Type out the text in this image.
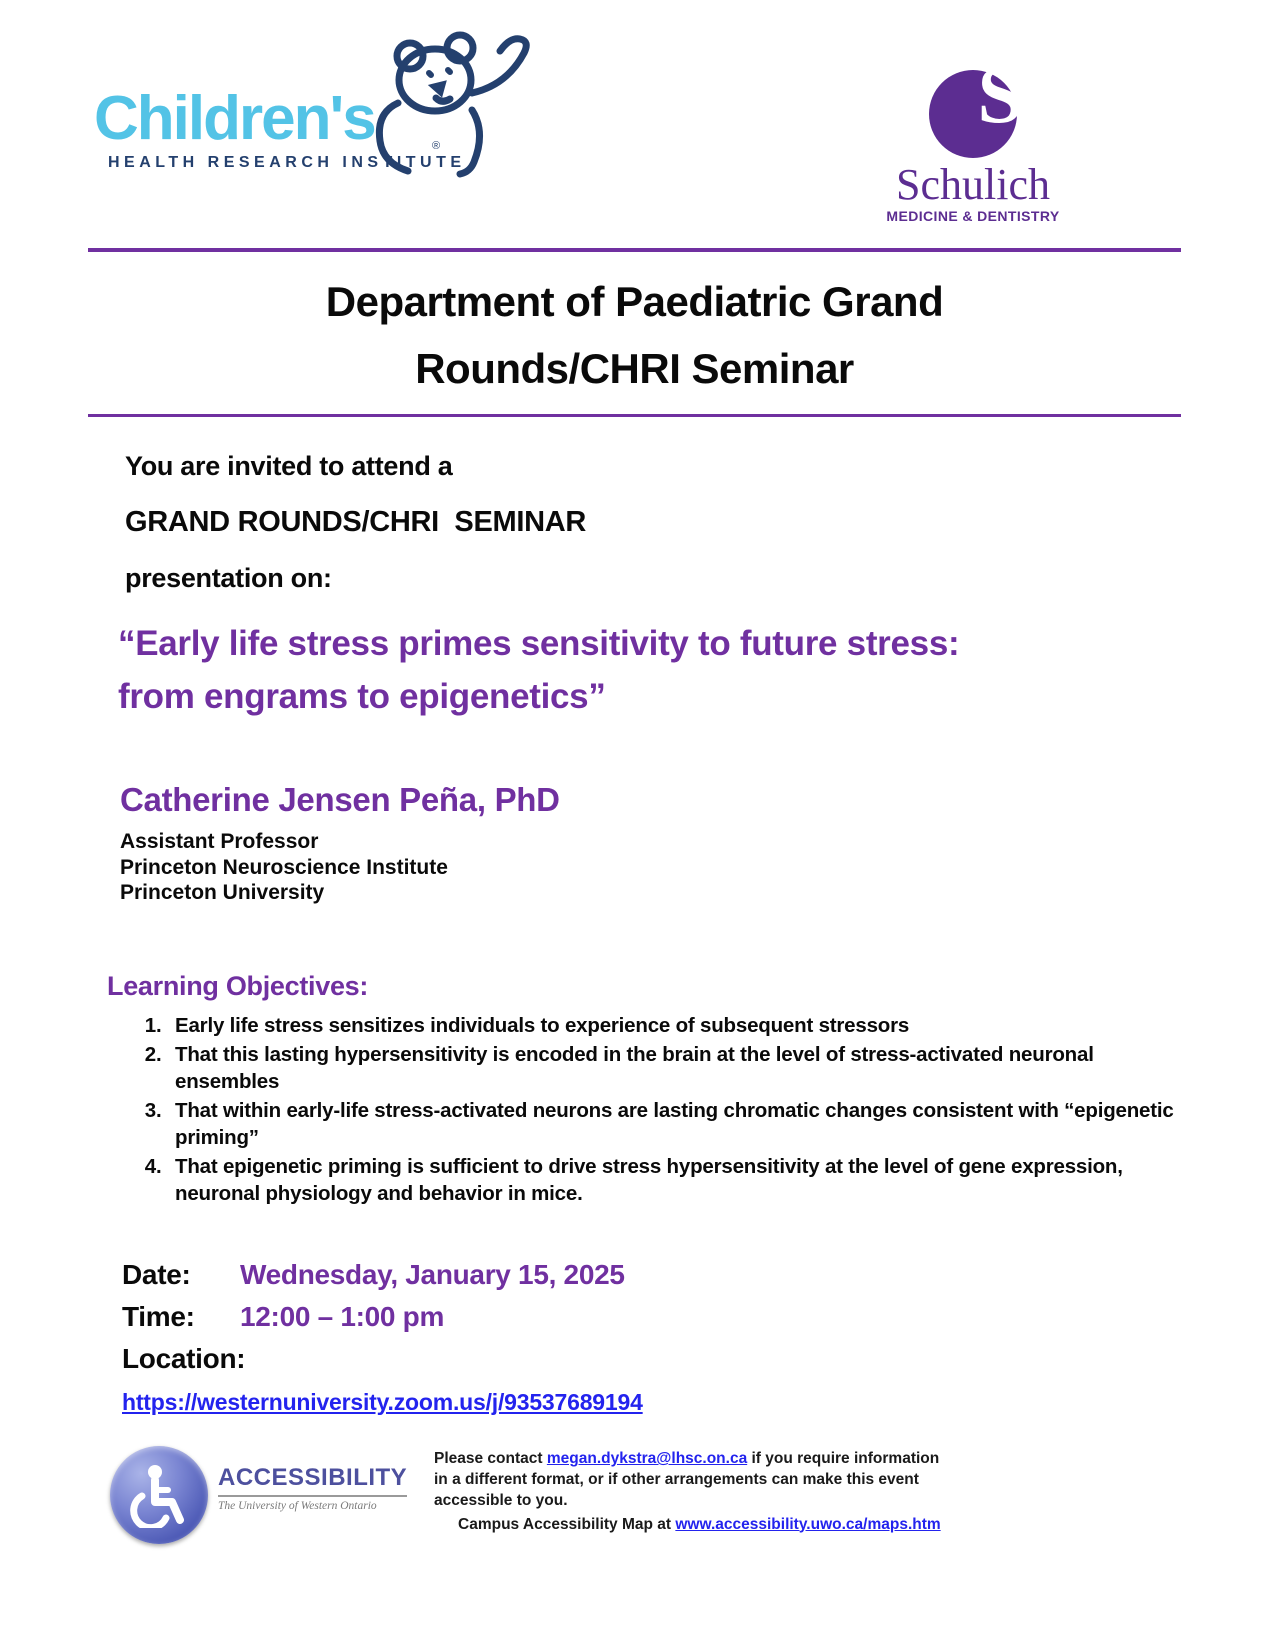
Children's	®
HEALTH RESEARCH INSTITUTE
S
Schulich
MEDICINE & DENTISTRY
Department of Paediatric Grand Rounds/CHRI Seminar

You are invited to attend a

GRAND ROUNDS/CHRI  SEMINAR

presentation on:

“Early life stress primes sensitivity to future stress: from engrams to epigenetics”
Catherine Jensen Peña, PhD
Assistant Professor
Princeton Neuroscience Institute
Princeton University
Learning Objectives:
1. Early life stress sensitizes individuals to experience of subsequent stressors
2. That this lasting hypersensitivity is encoded in the brain at the level of stress-activated neuronal ensembles
3. That within early-life stress-activated neurons are lasting chromatic changes consistent with “epigenetic priming”
4. That epigenetic priming is sufficient to drive stress hypersensitivity at the level of gene expression, neuronal physiology and behavior in mice.
Date:	Wednesday, January 15, 2025
Time:	12:00 – 1:00 pm
Location:
https://westernuniversity.zoom.us/j/93537689194
ACCESSIBILITY
The University of Western Ontario

Please contact megan.dykstra@lhsc.on.ca if you require information in a different format, or if other arrangements can make this event accessible to you.

Campus Accessibility Map at www.accessibility.uwo.ca/maps.htm
